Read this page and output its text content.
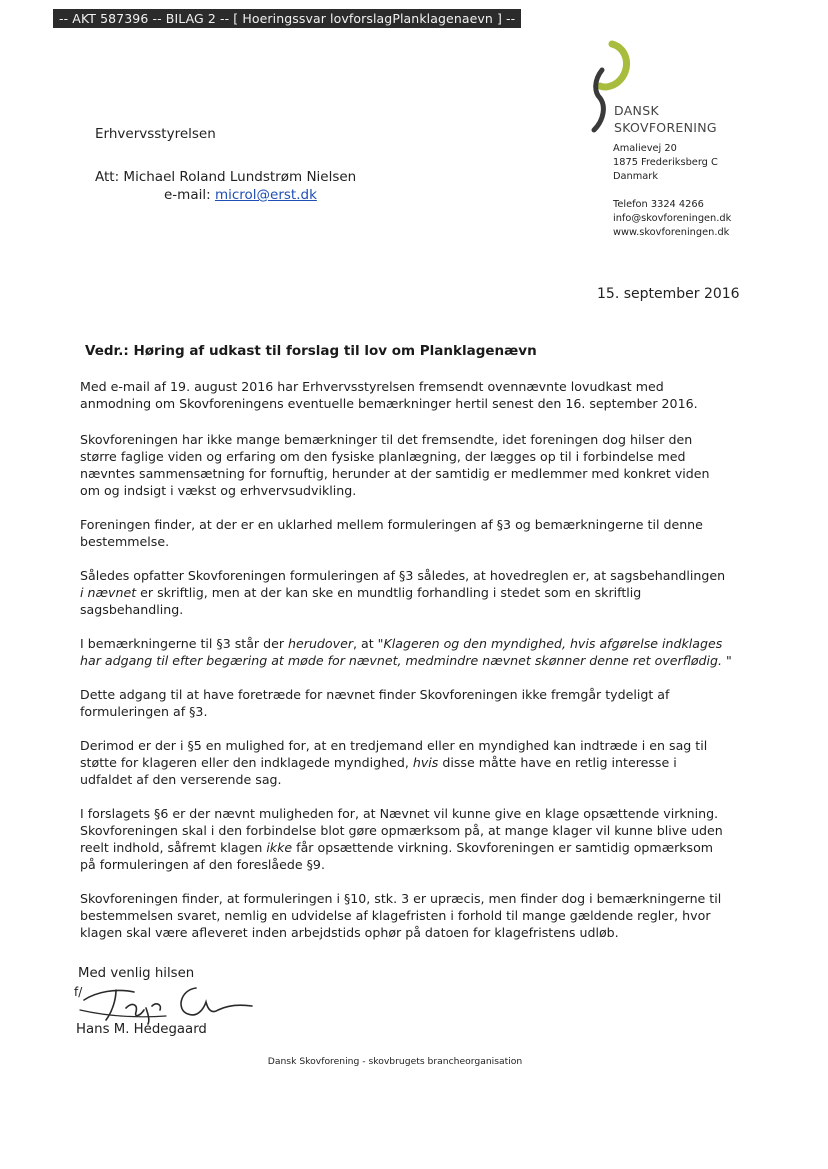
-- AKT 587396 -- BILAG 2 -- [ Hoeringssvar lovforslagPlanklagenaevn ] --
DANSK
SKOVFORENING
Amalievej 20
1875 Frederiksberg C
Danmark
Telefon 3324 4266
info@skovforeningen.dk
www.skovforeningen.dk
Erhvervsstyrelsen
Att: Michael Roland Lundstrøm Nielsen
e-mail: microl@erst.dk
15. september 2016
Vedr.: Høring af udkast til forslag til lov om Planklagenævn

Med e-mail af 19. august 2016 har Erhvervsstyrelsen fremsendt ovennævnte lovudkast med anmodning om Skovforeningens eventuelle bemærkninger hertil senest den 16. september 2016.

Skovforeningen har ikke mange bemærkninger til det fremsendte, idet foreningen dog hilser den større faglige viden og erfaring om den fysiske planlægning, der lægges op til i forbindelse med nævntes sammensætning for fornuftig, herunder at der samtidig er medlemmer med konkret viden om og indsigt i vækst og erhvervsudvikling.

Foreningen finder, at der er en uklarhed mellem formuleringen af §3 og bemærkningerne til denne bestemmelse.

Således opfatter Skovforeningen formuleringen af §3 således, at hovedreglen er, at sagsbehandlingen i nævnet er skriftlig, men at der kan ske en mundtlig forhandling i stedet som en skriftlig sagsbehandling.

I bemærkningerne til §3 står der herudover, at "Klageren og den myndighed, hvis afgørelse indklages har adgang til efter begæring at møde for nævnet, medmindre nævnet skønner denne ret overflødig. "

Dette adgang til at have foretræde for nævnet finder Skovforeningen ikke fremgår tydeligt af formuleringen af §3.

Derimod er der i §5 en mulighed for, at en tredjemand eller en myndighed kan indtræde i en sag til støtte for klageren eller den indklagede myndighed, hvis disse måtte have en retlig interesse i udfaldet af den verserende sag.

I forslagets §6 er der nævnt muligheden for, at Nævnet vil kunne give en klage opsættende virkning. Skovforeningen skal i den forbindelse blot gøre opmærksom på, at mange klager vil kunne blive uden reelt indhold, såfremt klagen ikke får opsættende virkning. Skovforeningen er samtidig opmærksom på formuleringen af den foreslåede §9.

Skovforeningen finder, at formuleringen i §10, stk. 3 er upræcis, men finder dog i bemærkningerne til bestemmelsen svaret, nemlig en udvidelse af klagefristen i forhold til mange gældende regler, hvor klagen skal være afleveret inden arbejdstids ophør på datoen for klagefristens udløb.

Med venlig hilsen
f/
Hans M. Hedegaard
Dansk Skovforening - skovbrugets brancheorganisation
